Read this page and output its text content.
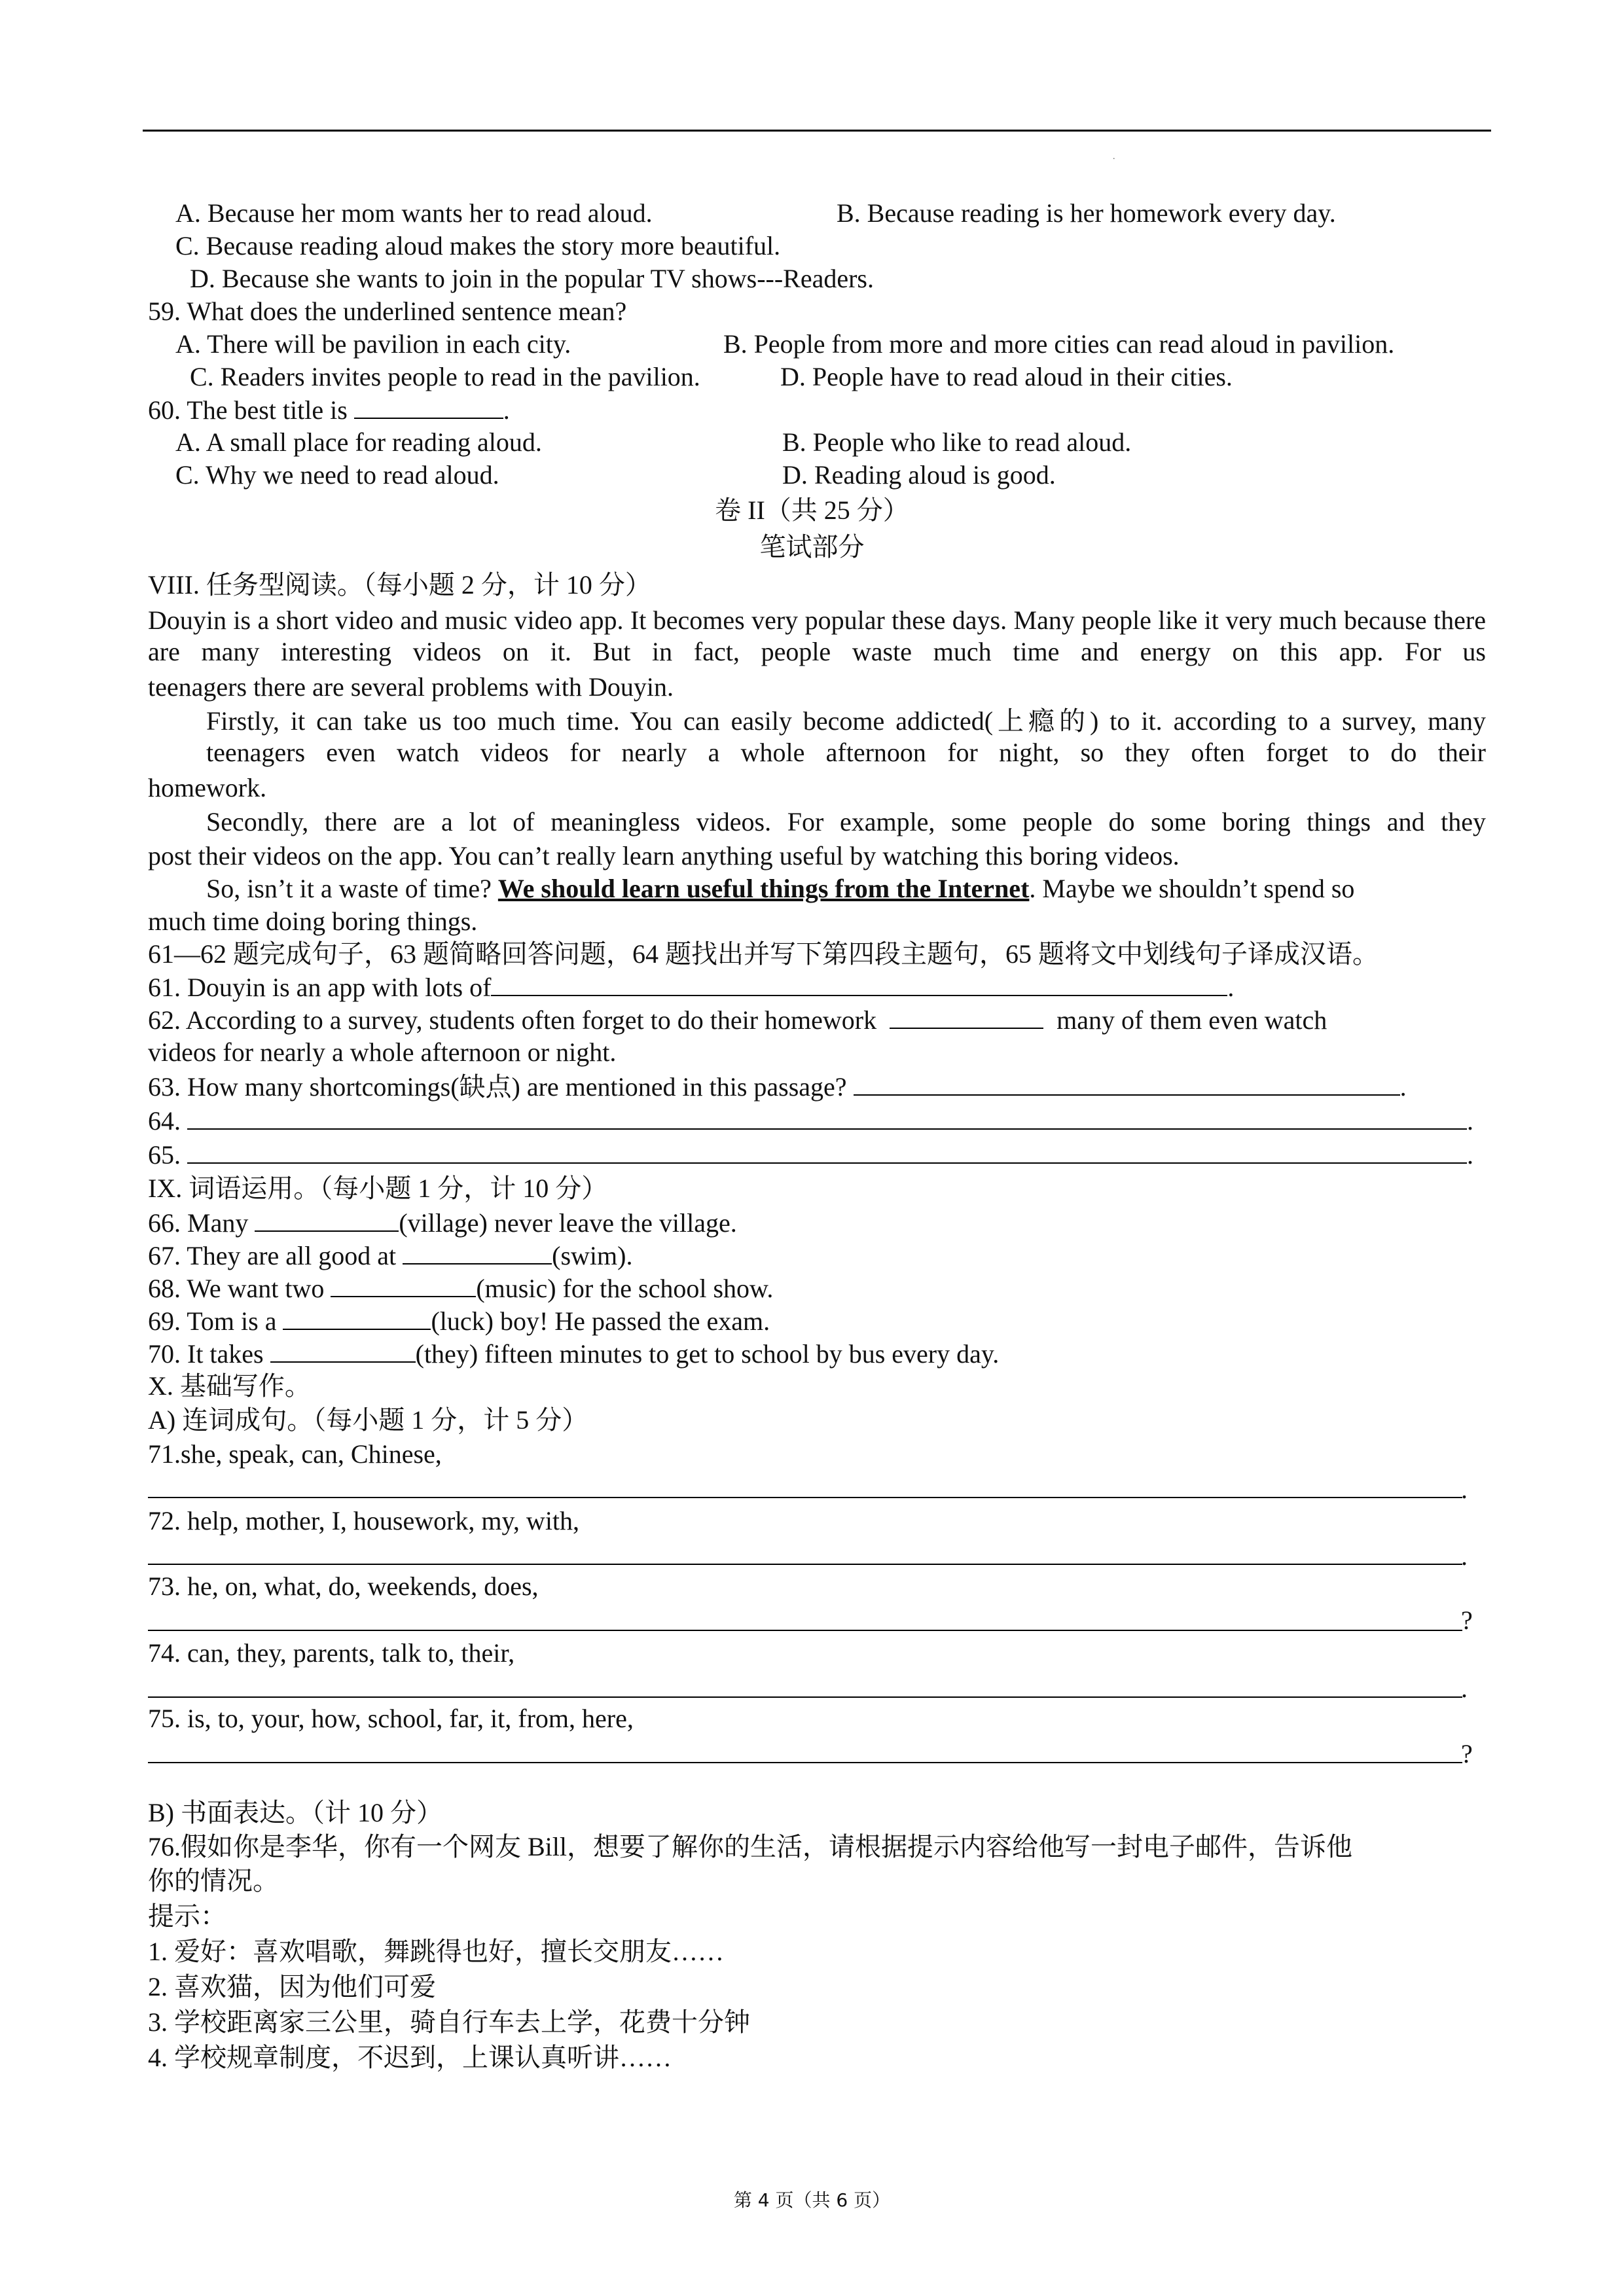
.
A. Because her mom wants her to read aloud.	B. Because reading is her homework every day.
C. Because reading aloud makes the story more beautiful.
D. Because she wants to join in the popular TV shows---Readers.
59. What does the underlined sentence mean?
A. There will be pavilion in each city.	B. People from more and more cities can read aloud in pavilion.
C. Readers invites people to read in the pavilion.	D. People have to read aloud in their cities.
60. The best title is	.
A. A small place for reading aloud.	B. People who like to read aloud.
C. Why we need to read aloud.	D. Reading aloud is good.
卷 II（共 25 分）
笔试部分
VIII. 任务型阅读。（每小题 2 分，计 10 分）
Douyin is a short video and music video app. It becomes very popular these days. Many people like it very much because there are many interesting videos on it. But in fact, people waste much time and energy on this app. For us
teenagers there are several problems with Douyin.
Firstly, it can take us too much time. You can easily become addicted(上瘾的) to it. according to a survey, many teenagers even watch videos for nearly a whole afternoon for night, so they often forget to do their
homework.
Secondly, there are a lot of meaningless videos. For example, some people do some boring things and they
post their videos on the app. You can’t really learn anything useful by watching this boring videos.
So, isn’t it a waste of time? We should learn useful things from the Internet. Maybe we shouldn’t spend so
much time doing boring things.
61—62 题完成句子，63 题简略回答问题，64 题找出并写下第四段主题句，65 题将文中划线句子译成汉语。
61. Douyin is an app with lots of	.
62. According to a survey, students often forget to do their homework	many of them even watch
videos for nearly a whole afternoon or night.
63. How many shortcomings(缺点) are mentioned in this passage?	.
64.	.
65.	.
IX. 词语运用。（每小题 1 分，计 10 分）
66. Many	(village) never leave the village.
67. They are all good at	(swim).
68. We want two	(music) for the school show.
69. Tom is a	(luck) boy! He passed the exam.
70. It takes	(they) fifteen minutes to get to school by bus every day.
X. 基础写作。
A) 连词成句。（每小题 1 分，计 5 分）
71.she, speak, can, Chinese,
.
72. help, mother, I, housework, my, with,
.
73. he, on, what, do, weekends, does,
?
74. can, they, parents, talk to, their,
.
75. is, to, your, how, school, far, it, from, here,
?
B) 书面表达。（计 10 分）
76.假如你是李华，你有一个网友 Bill，想要了解你的生活，请根据提示内容给他写一封电子邮件，告诉他
你的情况。
提示：
1. 爱好：喜欢唱歌，舞跳得也好，擅长交朋友……
2. 喜欢猫，因为他们可爱
3. 学校距离家三公里，骑自行车去上学，花费十分钟
4. 学校规章制度，不迟到，上课认真听讲……
第 4 页（共 6 页）
